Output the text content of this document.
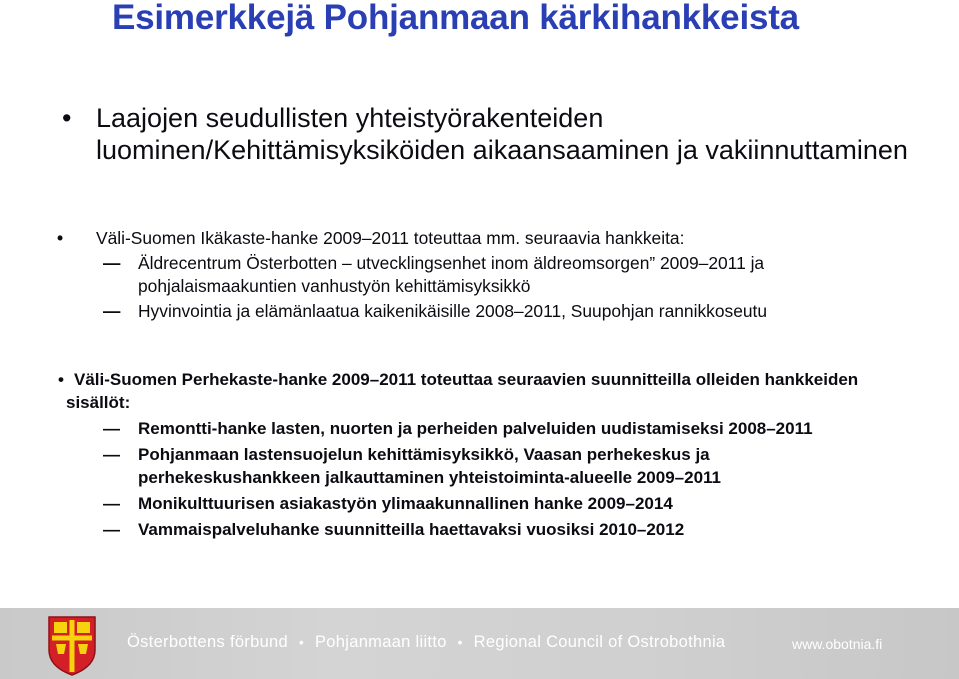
Esimerkkejä Pohjanmaan kärkihankkeista
• Laajojen seudullisten yhteistyörakenteiden luominen/Kehittämisyksiköiden aikaansaaminen ja vakiinnuttaminen

• Väli-Suomen Ikäkaste-hanke 2009–2011 toteuttaa mm. seuraavia hankkeita:
— Äldrecentrum Österbotten – utvecklingsenhet inom äldreomsorgen” 2009–2011 ja pohjalaismaakuntien vanhustyön kehittämisyksikkö
— Hyvinvointia ja elämänlaatua kaikenikäisille 2008–2011, Suupohjan rannikkoseutu
• Väli-Suomen Perhekaste-hanke 2009–2011 toteuttaa seuraavien suunnitteilla olleiden hankkeiden sisällöt:
— Remontti-hanke lasten, nuorten ja perheiden palveluiden uudistamiseksi 2008–2011
— Pohjanmaan lastensuojelun kehittämisyksikkö, Vaasan perhekeskus ja perhekeskushankkeen jalkauttaminen yhteistoiminta-alueelle 2009–2011
— Monikulttuurisen asiakastyön ylimaakunnallinen hanke 2009–2014
— Vammaispalveluhanke suunnitteilla haettavaksi vuosiksi 2010–2012
Österbottens förbund • Pohjanmaan liitto • Regional Council of Ostrobothnia	www.obotnia.fi
